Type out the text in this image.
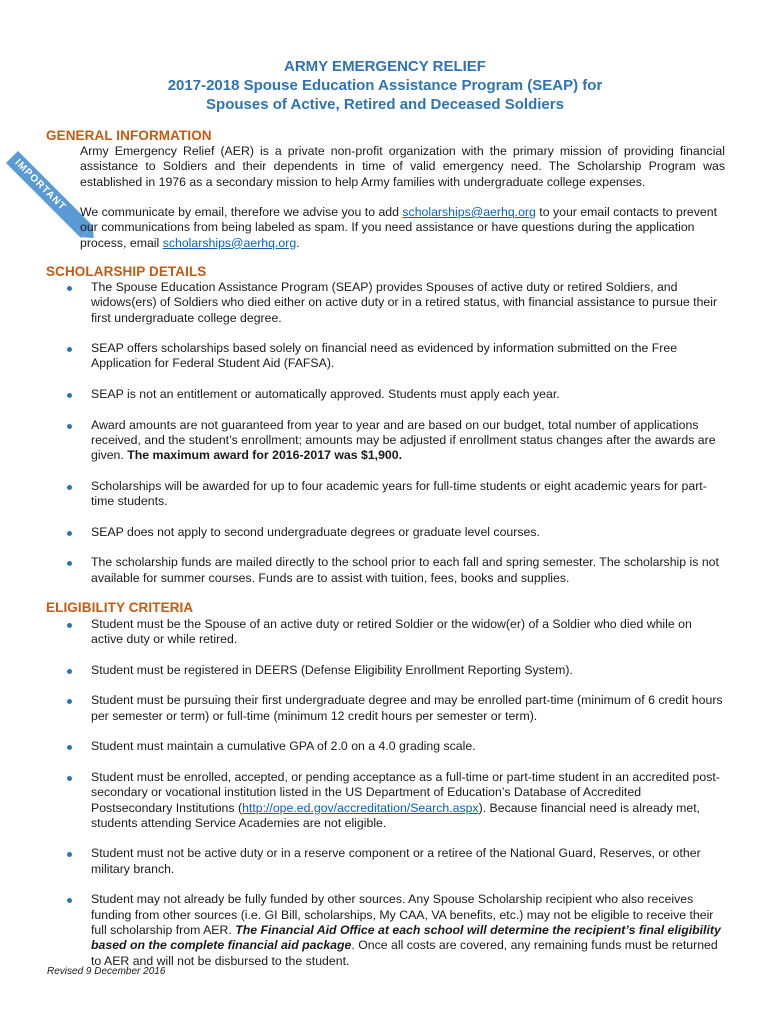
ARMY EMERGENCY RELIEF
2017-2018 Spouse Education Assistance Program (SEAP) for
Spouses of Active, Retired and Deceased Soldiers
GENERAL INFORMATION
IMPORTANT
Army Emergency Relief (AER) is a private non-profit organization with the primary mission of providing financial assistance to Soldiers and their dependents in time of valid emergency need. The Scholarship Program was established in 1976 as a secondary mission to help Army families with undergraduate college expenses.
We communicate by email, therefore we advise you to add scholarships@aerhq.org to your email contacts to prevent our communications from being labeled as spam. If you need assistance or have questions during the application process, email scholarships@aerhq.org.
SCHOLARSHIP DETAILS
The Spouse Education Assistance Program (SEAP) provides Spouses of active duty or retired Soldiers, and widows(ers) of Soldiers who died either on active duty or in a retired status, with financial assistance to pursue their first undergraduate college degree.
SEAP offers scholarships based solely on financial need as evidenced by information submitted on the Free Application for Federal Student Aid (FAFSA).
SEAP is not an entitlement or automatically approved. Students must apply each year.
Award amounts are not guaranteed from year to year and are based on our budget, total number of applications received, and the student’s enrollment; amounts may be adjusted if enrollment status changes after the awards are given. The maximum award for 2016-2017 was $1,900.
Scholarships will be awarded for up to four academic years for full-time students or eight academic years for part-time students.
SEAP does not apply to second undergraduate degrees or graduate level courses.
The scholarship funds are mailed directly to the school prior to each fall and spring semester. The scholarship is not available for summer courses. Funds are to assist with tuition, fees, books and supplies.
ELIGIBILITY CRITERIA
Student must be the Spouse of an active duty or retired Soldier or the widow(er) of a Soldier who died while on active duty or while retired.
Student must be registered in DEERS (Defense Eligibility Enrollment Reporting System).
Student must be pursuing their first undergraduate degree and may be enrolled part-time (minimum of 6 credit hours per semester or term) or full-time (minimum 12 credit hours per semester or term).
Student must maintain a cumulative GPA of 2.0 on a 4.0 grading scale.
Student must be enrolled, accepted, or pending acceptance as a full-time or part-time student in an accredited post-secondary or vocational institution listed in the US Department of Education’s Database of Accredited Postsecondary Institutions (http://ope.ed.gov/accreditation/Search.aspx). Because financial need is already met, students attending Service Academies are not eligible.
Student must not be active duty or in a reserve component or a retiree of the National Guard, Reserves, or other military branch.
Student may not already be fully funded by other sources. Any Spouse Scholarship recipient who also receives funding from other sources (i.e. GI Bill, scholarships, My CAA, VA benefits, etc.) may not be eligible to receive their full scholarship from AER. The Financial Aid Office at each school will determine the recipient’s final eligibility based on the complete financial aid package. Once all costs are covered, any remaining funds must be returned to AER and will not be disbursed to the student.
Revised 9 December 2016
